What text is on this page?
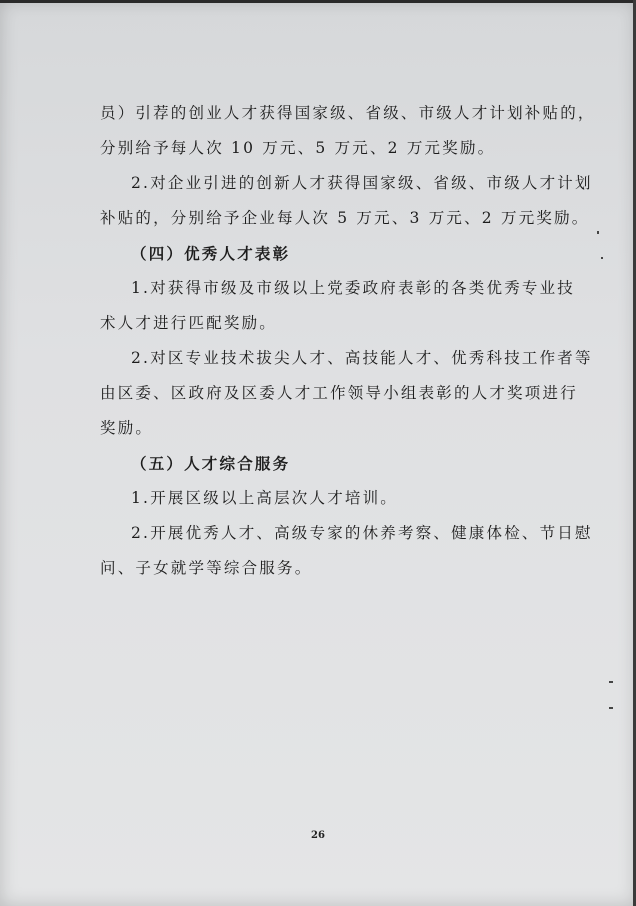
员）引荐的创业人才获得国家级、省级、市级人才计划补贴的，
分别给予每人次 10 万元、5 万元、2 万元奖励。
2.对企业引进的创新人才获得国家级、省级、市级人才计划
补贴的，分别给予企业每人次 5 万元、3 万元、2 万元奖励。
（四）优秀人才表彰
1.对获得市级及市级以上党委政府表彰的各类优秀专业技
术人才进行匹配奖励。
2.对区专业技术拔尖人才、高技能人才、优秀科技工作者等
由区委、区政府及区委人才工作领导小组表彰的人才奖项进行
奖励。
（五）人才综合服务
1.开展区级以上高层次人才培训。
2.开展优秀人才、高级专家的休养考察、健康体检、节日慰
问、子女就学等综合服务。
26
